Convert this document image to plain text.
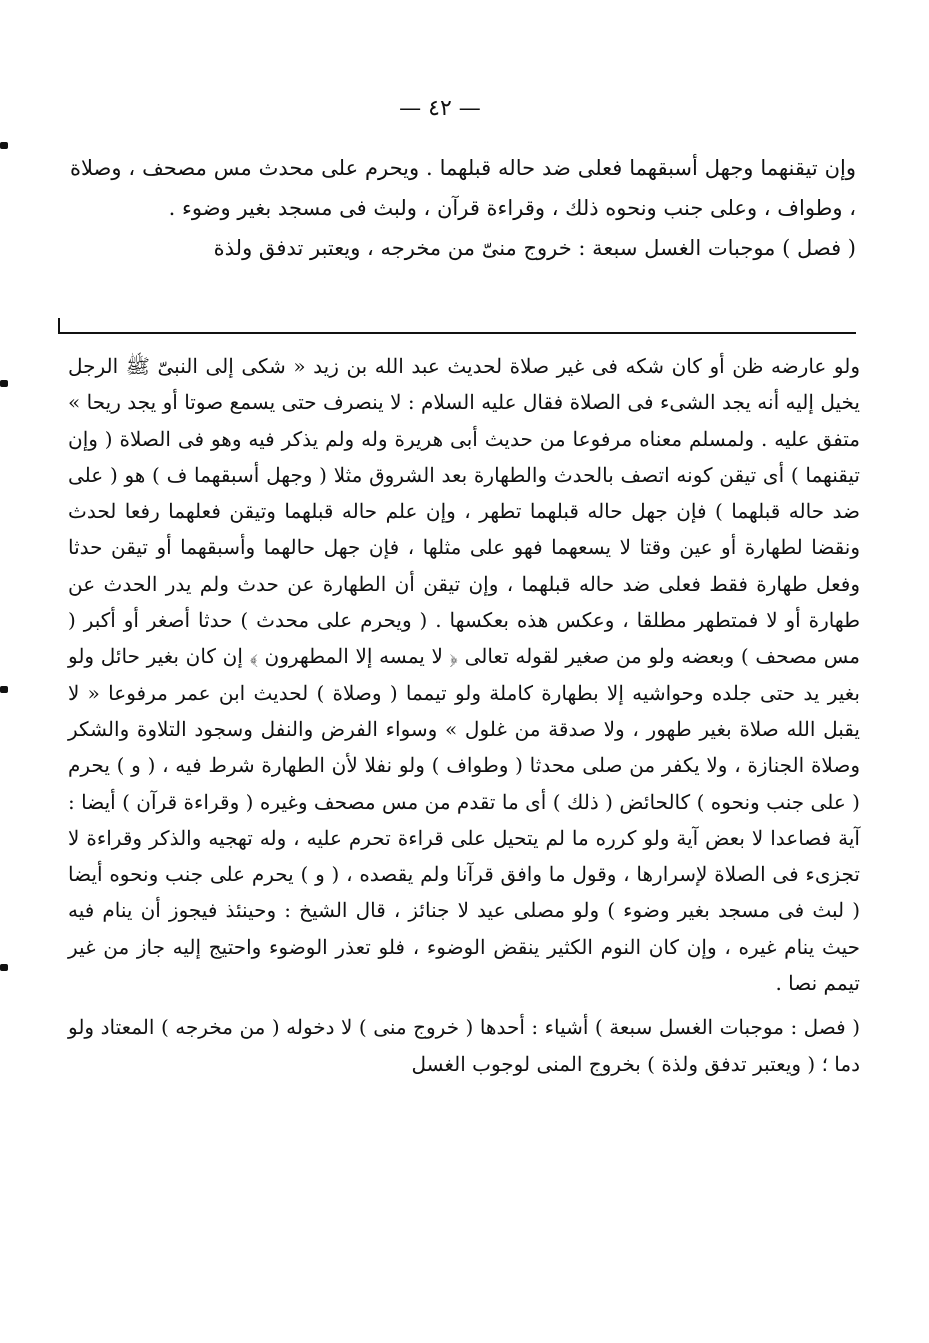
— ٤٢ —

وإن تيقنهما وجهل أسبقهما فعلى ضد حاله قبلهما . ويحرم على محدث مس مصحف ، وصلاة ، وطواف ، وعلى جنب ونحوه ذلك ، وقراءة قرآن ، ولبث فى مسجد بغير وضوء .

( فصل ) موجبات الغسل سبعة : خروج منىّ من مخرجه ، ويعتبر تدفق ولذة

ولو عارضه ظن أو كان شكه فى غير صلاة لحديث عبد الله بن زيد « شكى إلى النبىّ ﷺ الرجل يخيل إليه أنه يجد الشىء فى الصلاة فقال عليه السلام : لا ينصرف حتى يسمع صوتا أو يجد ريحا » متفق عليه . ولمسلم معناه مرفوعا من حديث أبى هريرة وله ولم يذكر فيه وهو فى الصلاة ( وإن تيقنهما ) أى تيقن كونه اتصف بالحدث والطهارة بعد الشروق مثلا ( وجهل أسبقهما ف ) هو ( على ضد حاله قبلهما ) فإن جهل حاله قبلهما تطهر ، وإن علم حاله قبلهما وتيقن فعلهما رفعا لحدث ونقضا لطهارة أو عين وقتا لا يسعهما فهو على مثلها ، فإن جهل حالهما وأسبقهما أو تيقن حدثا وفعل طهارة فقط فعلى ضد حاله قبلهما ، وإن تيقن أن الطهارة عن حدث ولم يدر الحدث عن طهارة أو لا فمتطهر مطلقا ، وعكس هذه بعكسها . ( ويحرم على محدث ) حدثا أصغر أو أكبر ( مس مصحف ) وبعضه ولو من صغير لقوله تعالى ﴿ لا يمسه إلا المطهرون ﴾ إن كان بغير حائل ولو بغير يد حتى جلده وحواشيه إلا بطهارة كاملة ولو تيمما ( وصلاة ) لحديث ابن عمر مرفوعا « لا يقبل الله صلاة بغير طهور ، ولا صدقة من غلول » وسواء الفرض والنفل وسجود التلاوة والشكر وصلاة الجنازة ، ولا يكفر من صلى محدثا ( وطواف ) ولو نفلا لأن الطهارة شرط فيه ، ( و ) يحرم ( على جنب ونحوه ) كالحائض ( ذلك ) أى ما تقدم من مس مصحف وغيره ( وقراءة قرآن ) أيضا : آية فصاعدا لا بعض آية ولو كرره ما لم يتحيل على قراءة تحرم عليه ، وله تهجيه والذكر وقراءة لا تجزىء فى الصلاة لإسرارها ، وقول ما وافق قرآنا ولم يقصده ، ( و ) يحرم على جنب ونحوه أيضا ( لبث فى مسجد بغير وضوء ) ولو مصلى عيد لا جنائز ، قال الشيخ : وحينئذ فيجوز أن ينام فيه حيث ينام غيره ، وإن كان النوم الكثير ينقض الوضوء ، فلو تعذر الوضوء واحتيج إليه جاز من غير تيمم نصا .

( فصل : موجبات الغسل سبعة ) أشياء : أحدها ( خروج منى ) لا دخوله ( من مخرجه ) المعتاد ولو دما ؛ ( ويعتبر تدفق ولذة ) بخروج المنى لوجوب الغسل
